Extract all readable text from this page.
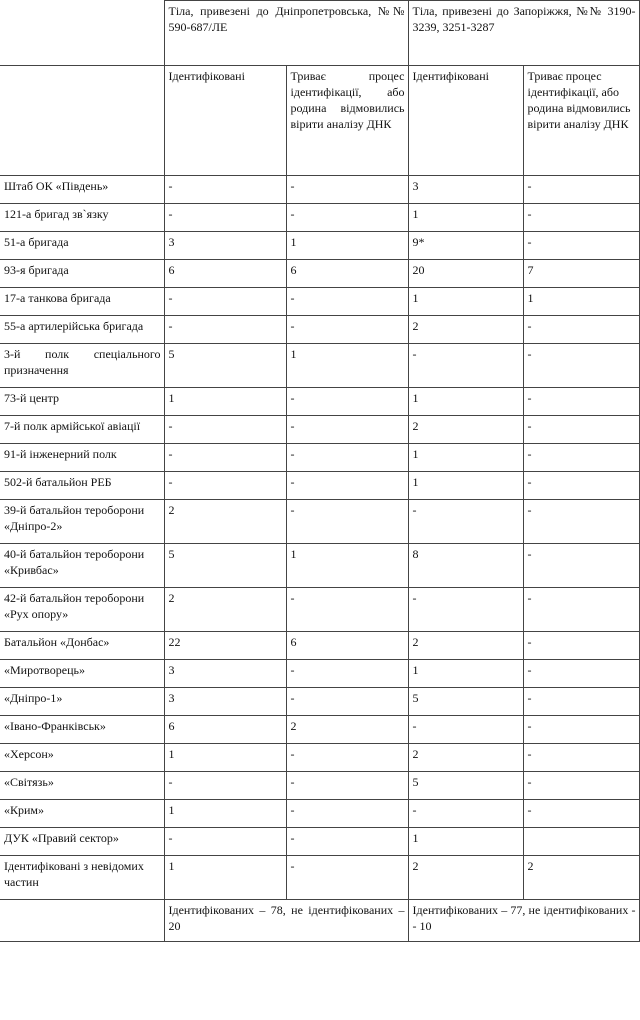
	Тіла, привезені до Дніпропетровська, №№ 590-687/ЛЕ		Тіла, привезені до Запоріжжя, №№ 3190-3239, 3251-3287	
	Ідентифіковані	Триває процес ідентифікації, або родина відмовились вірити аналізу ДНК	Ідентифіковані	Триває процес ідентифікації, або родина відмовились вірити аналізу ДНК
Штаб ОК «Південь»	-	-	3	-
121-а бригад зв`язку	-	-	1	-
51-а бригада	3	1	9*	-
93-я бригада	6	6	20	7
17-а танкова бригада	-	-	1	1
55-а артилерійська бригада	-	-	2	-
3-й полк спеціального призначення	5	1	-	-
73-й центр	1	-	1	-
7-й полк армійської авіації	-	-	2	-
91-й інженерний полк	-	-	1	-
502-й батальйон РЕБ	-	-	1	-
39-й батальйон тероборони «Дніпро-2»	2	-	-	-
40-й батальйон тероборони «Кривбас»	5	1	8	-
42-й батальйон тероборони «Рух опору»	2	-	-	-
Батальйон «Донбас»	22	6	2	-
«Миротворець»	3	-	1	-
«Дніпро-1»	3	-	5	-
«Івано-Франківськ»	6	2	-	-
«Херсон»	1	-	2	-
«Світязь»	-	-	5	-
«Крим»	1	-	-	-
ДУК «Правий сектор»	-	-	1	
Ідентифіковані з невідомих частин	1	-	2	2
	Ідентифікованих – 78, не ідентифікованих – 20		Ідентифікованих – 77, не ідентифікованих -- 10	
